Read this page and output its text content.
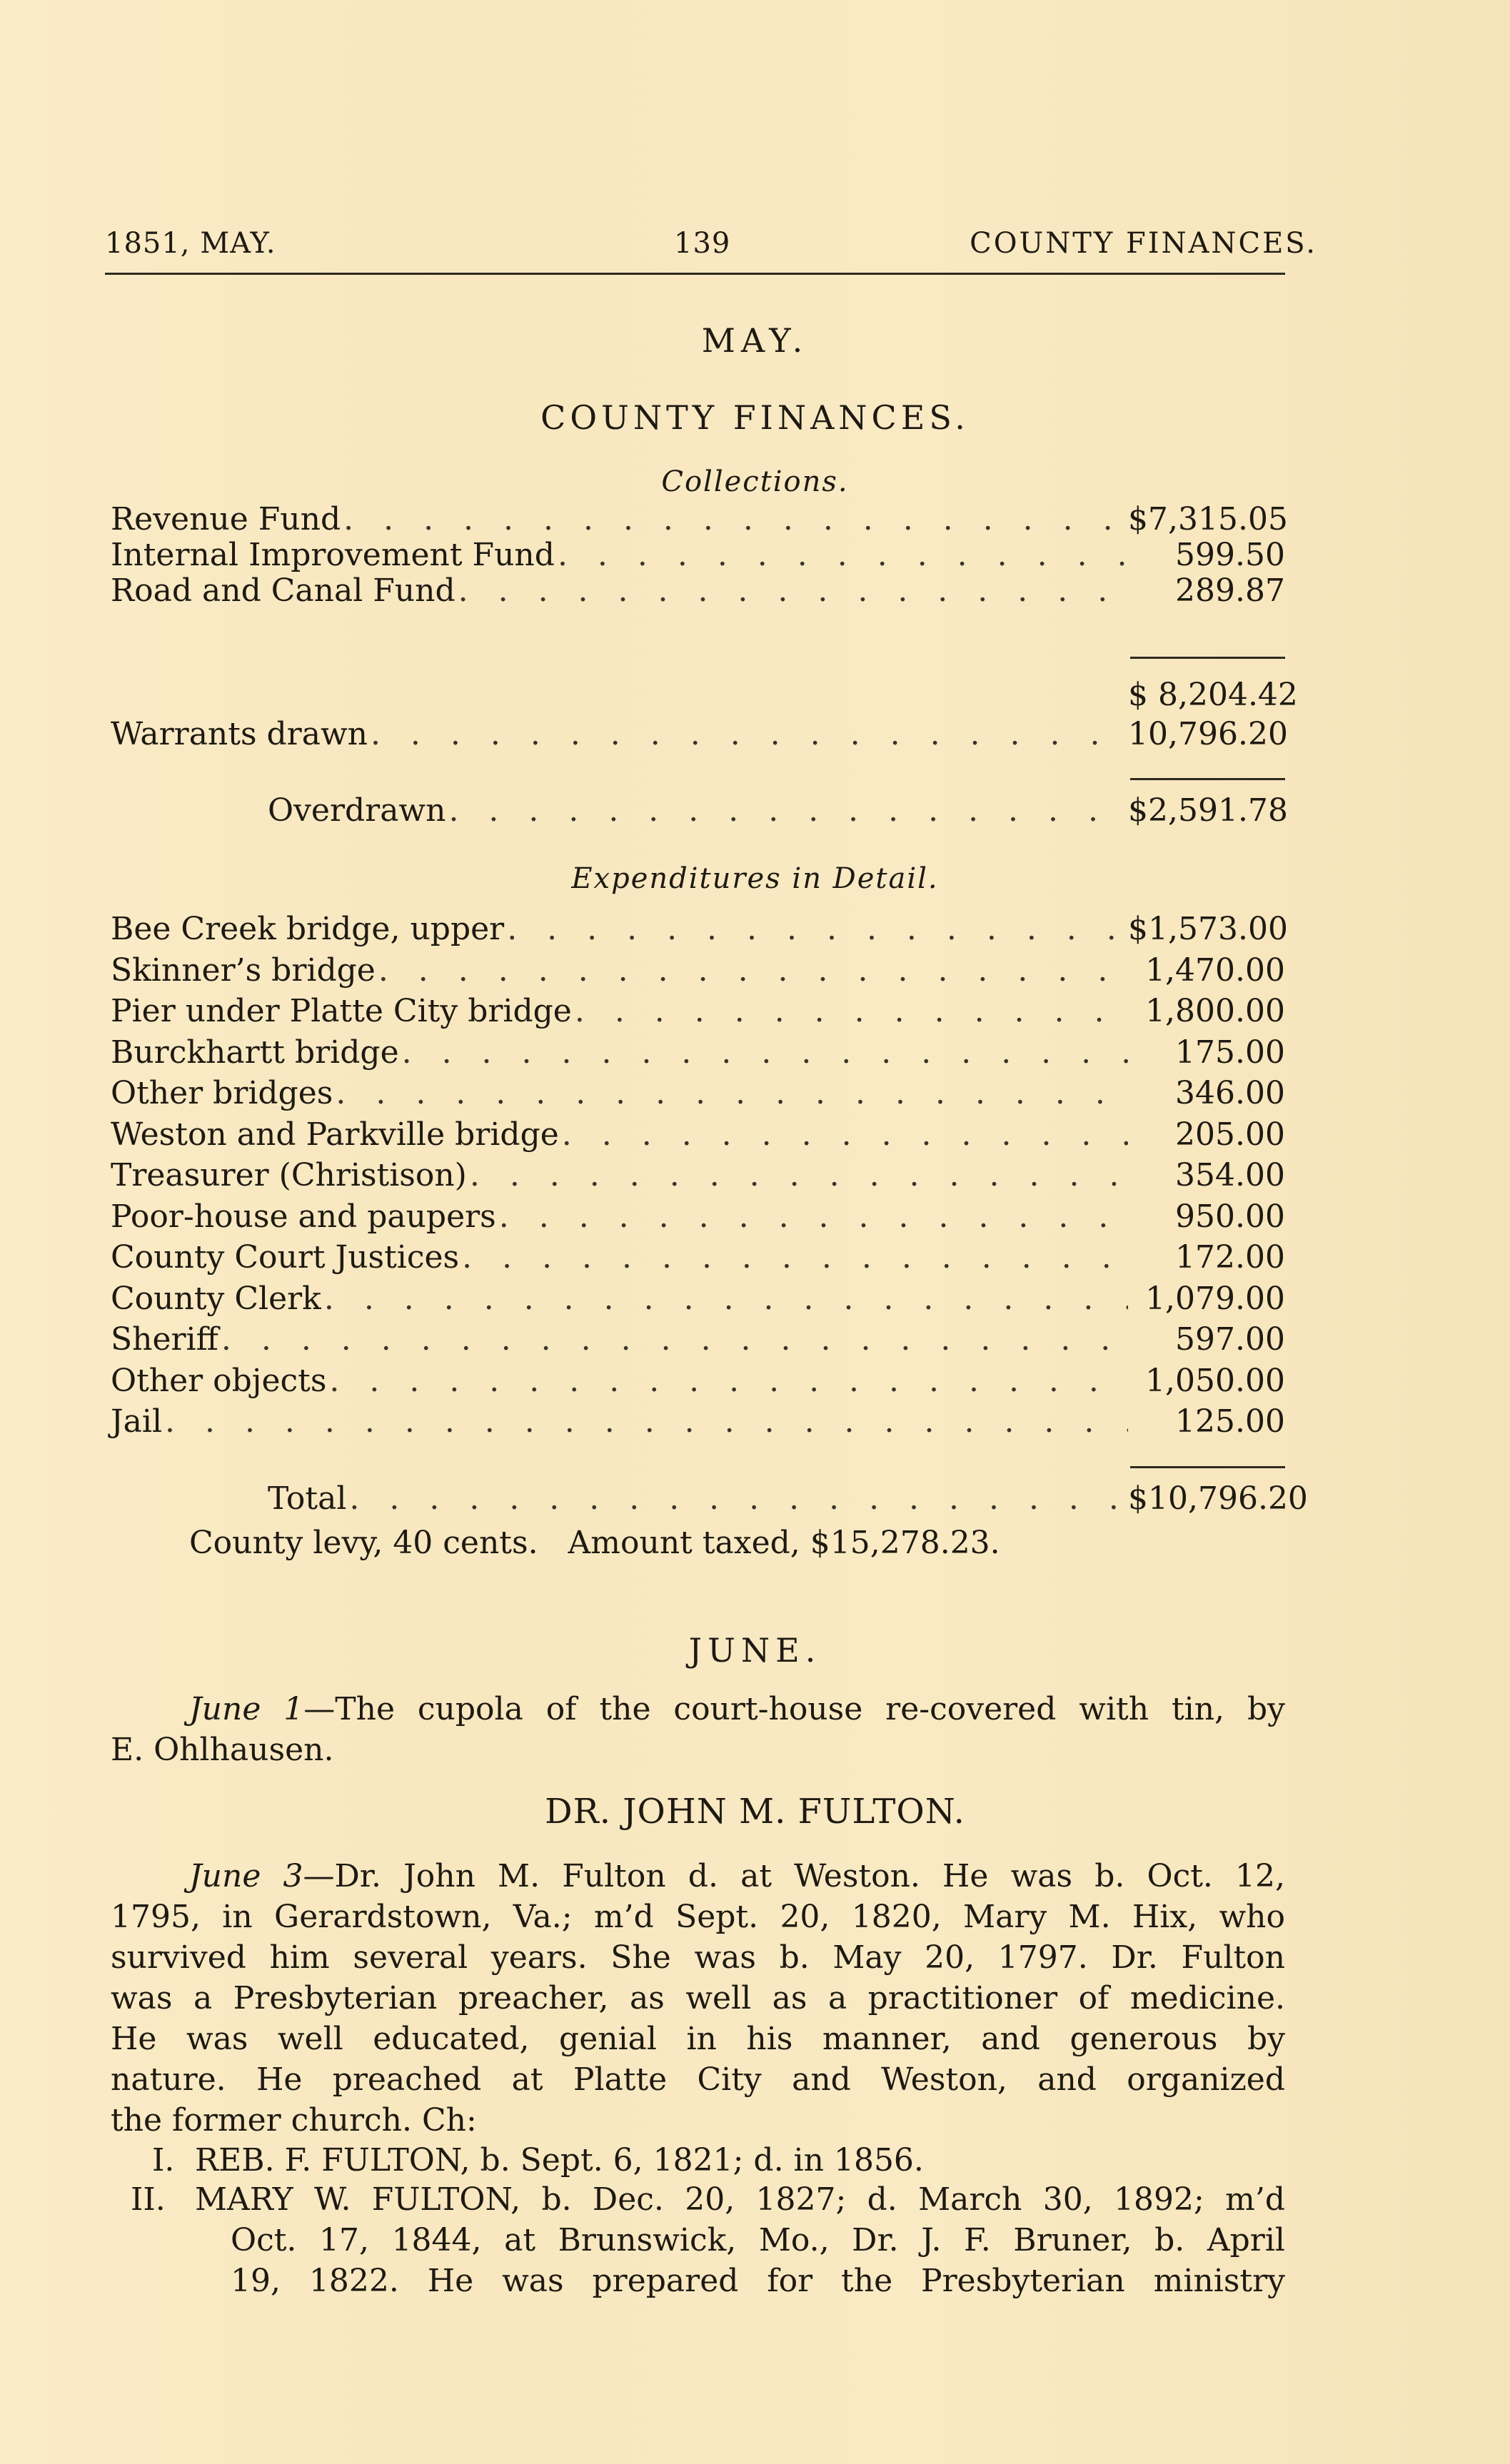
1851, MAY.	139	COUNTY FINANCES.
MAY.
COUNTY FINANCES.
Collections.
Revenue Fund . . .	$7,315.05
Internal Improvement Fund . . .	599.50
Road and Canal Fund . . .	289.87
$ 8,204.42
Warrants drawn . . .	10,796.20
Overdrawn . . .	$2,591.78
Expenditures in Detail.
Bee Creek bridge, upper . . .	$1,573.00
Skinner’s bridge . . .	1,470.00
Pier under Platte City bridge . . .	1,800.00
Burckhartt bridge . . .	175.00
Other bridges . . .	346.00
Weston and Parkville bridge . . .	205.00
Treasurer (Christison) . . .	354.00
Poor-house and paupers . . .	950.00
County Court Justices . . .	172.00
County Clerk . . .	1,079.00
Sheriff . . .	597.00
Other objects . . .	1,050.00
Jail . . .	125.00
Total . . .	$10,796.20
County levy, 40 cents.   Amount taxed, $15,278.23.
JUNE.
June 1—The cupola of the court-house re-covered with tin, by
E. Ohlhausen.
DR. JOHN M. FULTON.
June 3—Dr. John M. Fulton d. at Weston. He was b. Oct. 12,
1795, in Gerardstown, Va.; m’d Sept. 20, 1820, Mary M. Hix, who
survived him several years. She was b. May 20, 1797. Dr. Fulton
was a Presbyterian preacher, as well as a practitioner of medicine.
He was well educated, genial in his manner, and generous by
nature. He preached at Platte City and Weston, and organized
the former church. Ch:
I. REB. F. FULTON, b. Sept. 6, 1821; d. in 1856.
II. MARY W. FULTON, b. Dec. 20, 1827; d. March 30, 1892; m’d
Oct. 17, 1844, at Brunswick, Mo., Dr. J. F. Bruner, b. April
19, 1822. He was prepared for the Presbyterian ministry
